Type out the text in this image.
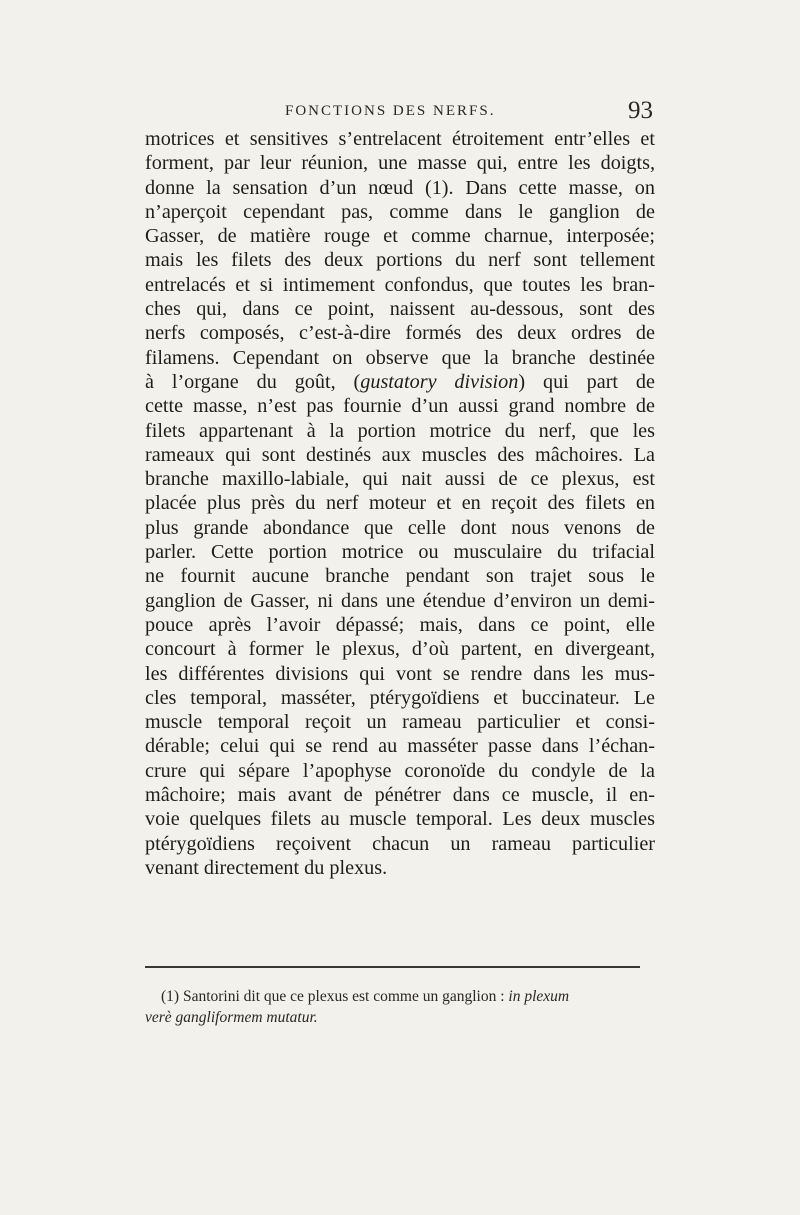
FONCTIONS DES NERFS.	93
motrices et sensitives s’entrelacent étroitement entr’elles et
forment, par leur réunion, une masse qui, entre les doigts,
donne la sensation d’un nœud (1). Dans cette masse, on
n’aperçoit cependant pas, comme dans le ganglion de
Gasser, de matière rouge et comme charnue, interposée;
mais les filets des deux portions du nerf sont tellement
entrelacés et si intimement confondus, que toutes les bran-
ches qui, dans ce point, naissent au-dessous, sont des
nerfs composés, c’est-à-dire formés des deux ordres de
filamens. Cependant on observe que la branche destinée
à l’organe du goût, (gustatory division) qui part de
cette masse, n’est pas fournie d’un aussi grand nombre de
filets appartenant à la portion motrice du nerf, que les
rameaux qui sont destinés aux muscles des mâchoires. La
branche maxillo-labiale, qui nait aussi de ce plexus, est
placée plus près du nerf moteur et en reçoit des filets en
plus grande abondance que celle dont nous venons de
parler. Cette portion motrice ou musculaire du trifacial
ne fournit aucune branche pendant son trajet sous le
ganglion de Gasser, ni dans une étendue d’environ un demi-
pouce après l’avoir dépassé; mais, dans ce point, elle
concourt à former le plexus, d’où partent, en divergeant,
les différentes divisions qui vont se rendre dans les mus-
cles temporal, masséter, ptérygoïdiens et buccinateur. Le
muscle temporal reçoit un rameau particulier et consi-
dérable; celui qui se rend au masséter passe dans l’échan-
crure qui sépare l’apophyse coronoïde du condyle de la
mâchoire; mais avant de pénétrer dans ce muscle, il en-
voie quelques filets au muscle temporal. Les deux muscles
ptérygoïdiens reçoivent chacun un rameau particulier
venant directement du plexus.
(1) Santorini dit que ce plexus est comme un ganglion : in plexum
verè gangliformem mutatur.
